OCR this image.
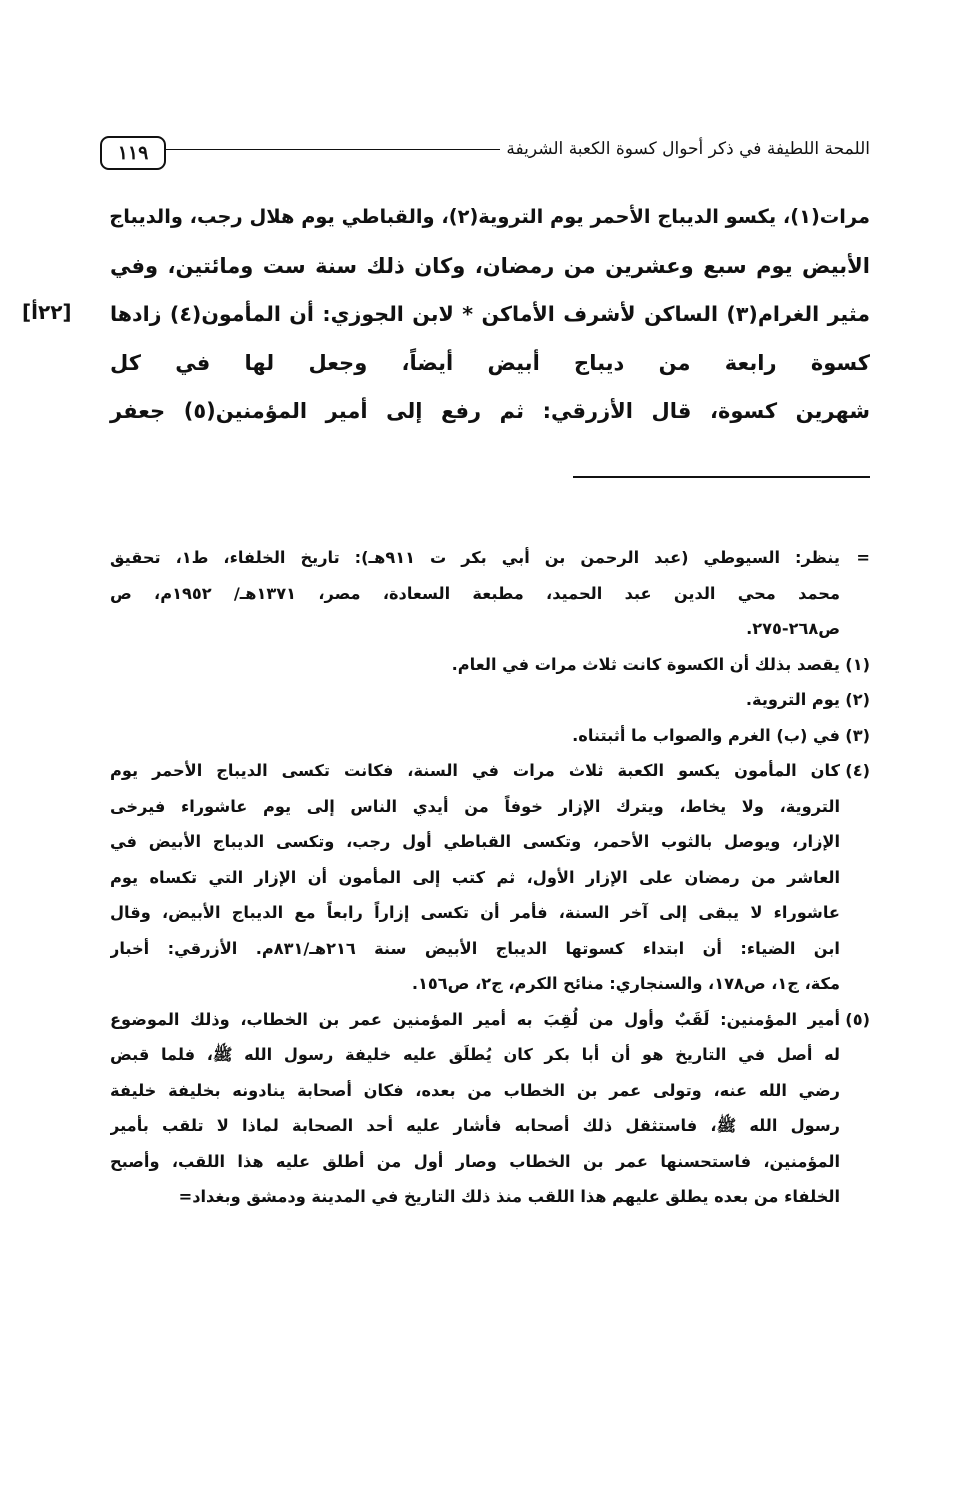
اللمحة اللطيفة في ذكر أحوال كسوة الكعبة الشريفة
١١٩

مرات(١)، يكسو الديباج الأحمر يوم التروية(٢)، والقباطي يوم هلال رجب، والديباج

الأبيض يوم سبع وعشرين من رمضان، وكان ذلك سنة ست ومائتين، وفي

مثير الغرام(٣) الساكن لأشرف الأماكن * لابن الجوزي: أن المأمون(٤) زادها

كسوة رابعة من ديباج أبيض أيضاً، وجعل لها في كل

شهرين كسوة، قال الأزرقي: ثم رفع إلى أمير المؤمنين(٥) جعفر

[٢٢أ]
=
ينظر: السيوطي (عبد الرحمن بن أبي بكر ت ٩١١هـ): تاريخ الخلفاء، ط١، تحقيق
محمد محي الدين عبد الحميد، مطبعة السعادة، مصر، ١٣٧١هـ/ ١٩٥٢م، ص
ص٢٦٨-٢٧٥.
(١)
يقصد بذلك أن الكسوة كانت ثلاث مرات في العام.
(٢)
يوم التروية.
(٣)
في (ب) الغرم والصواب ما أثبتناه.
(٤)
كان المأمون يكسو الكعبة ثلاث مرات في السنة، فكانت تكسى الديباج الأحمر يوم
التروية، ولا يخاط، ويترك الإزار خوفاً من أيدي الناس إلى يوم عاشوراء فيرخى
الإزار، ويوصل بالثوب الأحمر، وتكسى القباطي أول رجب، وتكسى الديباج الأبيض في
العاشر من رمضان على الإزار الأول، ثم كتب إلى المأمون أن الإزار التي تكساه يوم
عاشوراء لا يبقى إلى آخر السنة، فأمر أن تكسى إزاراً رابعاً مع الديباج الأبيض، وقال
ابن الضياء: أن ابتداء كسوتها الديباج الأبيض سنة ٢١٦هـ/٨٣١م. الأزرقي: أخبار
مكة، ج١، ص١٧٨، والسنجاري: منائح الكرم، ج٢، ص١٥٦.
(٥)
أمير المؤمنين: لَقَبٌ وأول من لُقِبَ به أمير المؤمنين عمر بن الخطاب، وذلك الموضوع
له أصل في التاريخ هو أن أبا بكر كان يُطلَق عليه خليفة رسول الله ﷺ، فلما قبض
رضي الله عنه، وتولى عمر بن الخطاب من بعده، فكان أصحابة ينادونه بخليفة خليفة
رسول الله ﷺ، فاستثقل ذلك أصحابه فأشار عليه أحد الصحابة لماذا لا تلقب بأمير
المؤمنين، فاستحسنها عمر بن الخطاب وصار أول من أطلق عليه هذا اللقب، وأصبح
الخلفاء من بعده يطلق عليهم هذا اللقب منذ ذلك التاريخ في المدينة ودمشق وبغداد=
